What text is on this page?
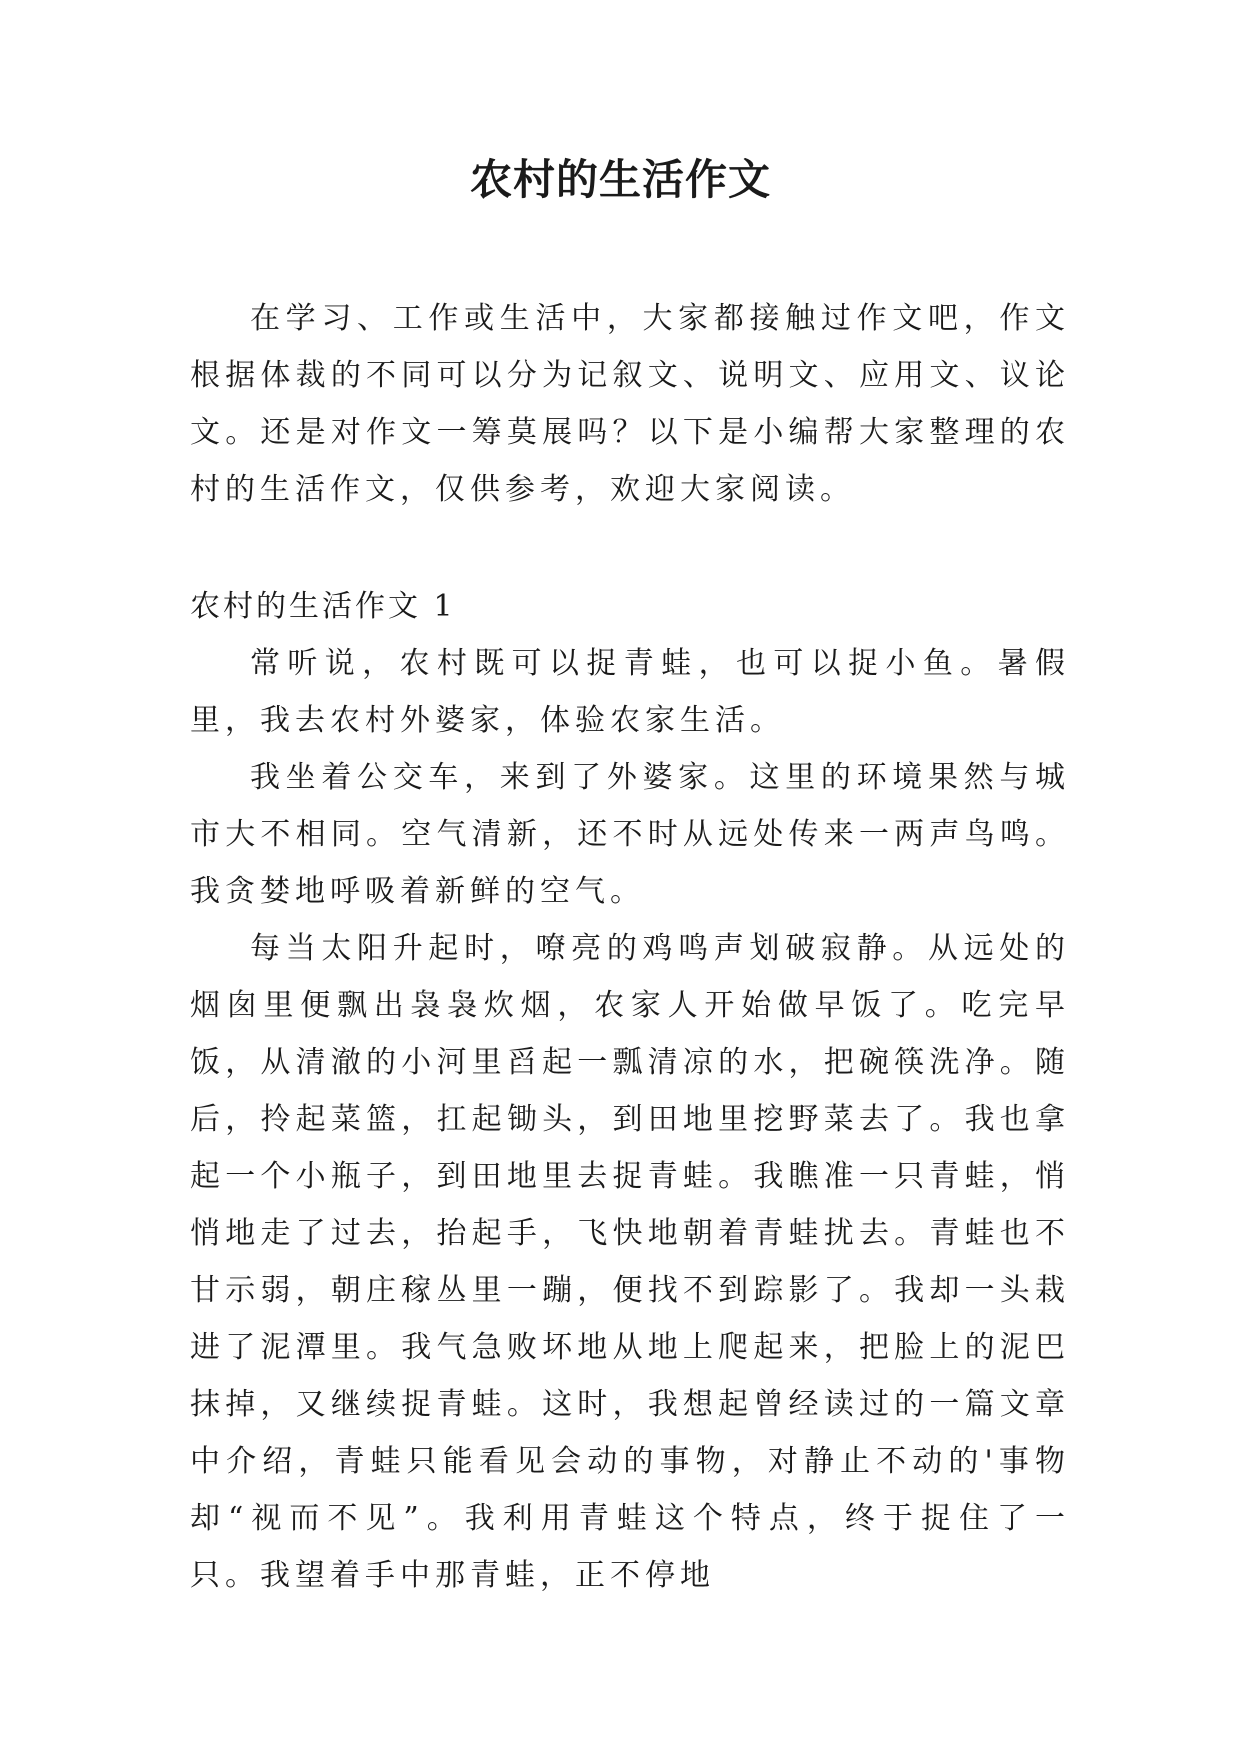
农村的生活作文

在学习、工作或生活中，大家都接触过作文吧，作文根据体裁的不同可以分为记叙文、说明文、应用文、议论文。还是对作文一筹莫展吗？以下是小编帮大家整理的农村的生活作文，仅供参考，欢迎大家阅读。

农村的生活作文 1

常听说，农村既可以捉青蛙，也可以捉小鱼。暑假里，我去农村外婆家，体验农家生活。

我坐着公交车，来到了外婆家。这里的环境果然与城市大不相同。空气清新，还不时从远处传来一两声鸟鸣。我贪婪地呼吸着新鲜的空气。

每当太阳升起时，嘹亮的鸡鸣声划破寂静。从远处的烟囱里便飘出袅袅炊烟，农家人开始做早饭了。吃完早饭，从清澈的小河里舀起一瓢清凉的水，把碗筷洗净。随后，拎起菜篮，扛起锄头，到田地里挖野菜去了。我也拿起一个小瓶子，到田地里去捉青蛙。我瞧准一只青蛙，悄悄地走了过去，抬起手，飞快地朝着青蛙扰去。青蛙也不甘示弱，朝庄稼丛里一蹦，便找不到踪影了。我却一头栽进了泥潭里。我气急败坏地从地上爬起来，把脸上的泥巴抹掉，又继续捉青蛙。这时，我想起曾经读过的一篇文章中介绍，青蛙只能看见会动的事物，对静止不动的'事物却“视而不见”。我利用青蛙这个特点，终于捉住了一只。我望着手中那青蛙，正不停地
